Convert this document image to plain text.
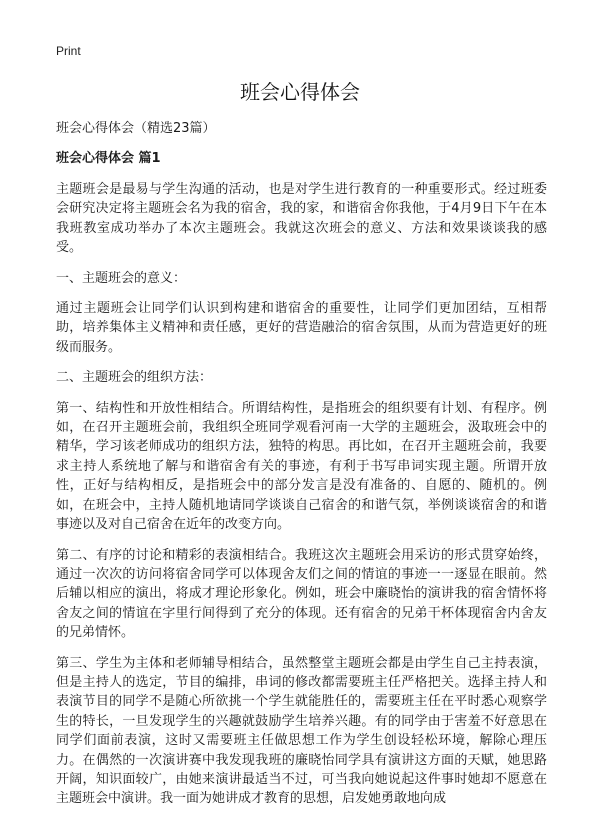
Print
班会心得体会
班会心得体会（精选23篇）
班会心得体会 篇1

主题班会是最易与学生沟通的活动，也是对学生进行教育的一种重要形式。经过班委会研究决定将主题班会名为我的宿舍，我的家，和谐宿舍你我他，于4月9日下午在本我班教室成功举办了本次主题班会。我就这次班会的意义、方法和效果谈谈我的感受。

一、主题班会的意义：

通过主题班会让同学们认识到构建和谐宿舍的重要性，让同学们更加团结，互相帮助，培养集体主义精神和责任感，更好的营造融洽的宿舍氛围，从而为营造更好的班级而服务。

二、主题班会的组织方法：

第一、结构性和开放性相结合。所谓结构性，是指班会的组织要有计划、有程序。例如，在召开主题班会前，我组织全班同学观看河南一大学的主题班会，汲取班会中的精华，学习该老师成功的组织方法，独特的构思。再比如，在召开主题班会前，我要求主持人系统地了解与和谐宿舍有关的事迹，有利于书写串词实现主题。所谓开放性，正好与结构相反，是指班会中的部分发言是没有准备的、自愿的、随机的。例如，在班会中，主持人随机地请同学谈谈自己宿舍的和谐气氛，举例谈谈宿舍的和谐事迹以及对自己宿舍在近年的改变方向。

第二、有序的讨论和精彩的表演相结合。我班这次主题班会用采访的形式贯穿始终，通过一次次的访问将宿舍同学可以体现舍友们之间的情谊的事迹一一逐显在眼前。然后辅以相应的演出，将成才理论形象化。例如，班会中廉晓怡的演讲我的宿舍情怀将舍友之间的情谊在字里行间得到了充分的体现。还有宿舍的兄弟干杯体现宿舍内舍友的兄弟情怀。

第三、学生为主体和老师辅导相结合，虽然整堂主题班会都是由学生自己主持表演，但是主持人的选定，节目的编排，串词的修改都需要班主任严格把关。选择主持人和表演节目的同学不是随心所欲挑一个学生就能胜任的，需要班主任在平时悉心观察学生的特长，一旦发现学生的兴趣就鼓励学生培养兴趣。有的同学由于害羞不好意思在同学们面前表演，这时又需要班主任做思想工作为学生创设轻松环境，解除心理压力。在偶然的一次演讲赛中我发现我班的廉晓怡同学具有演讲这方面的天赋，她思路开阔，知识面较广，由她来演讲最适当不过，可当我向她说起这件事时她却不愿意在主题班会中演讲。我一面为她讲成才教育的思想，启发她勇敢地向成
